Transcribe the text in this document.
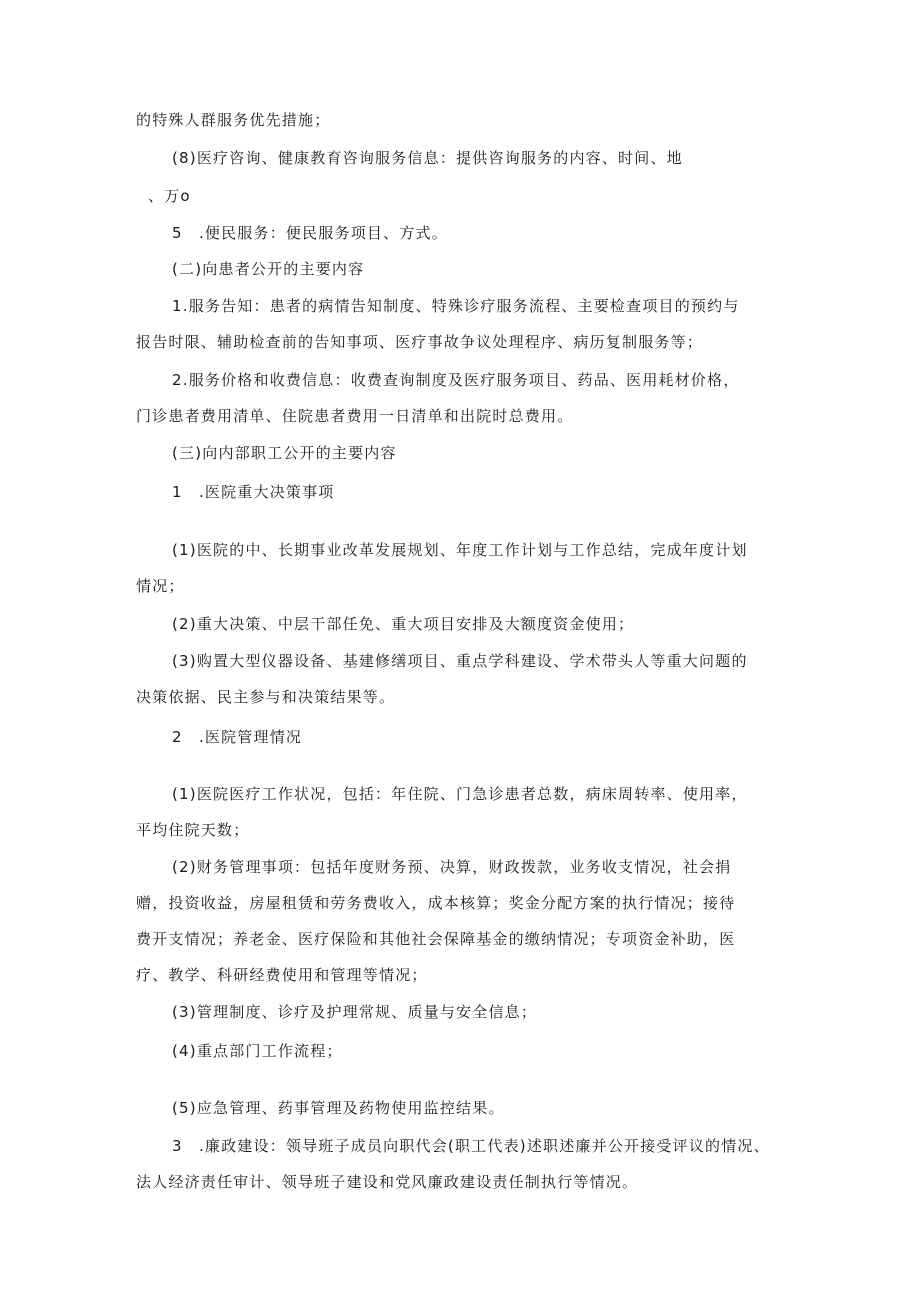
的特殊人群服务优先措施；
(8)医疗咨询、健康教育咨询服务信息：提供咨询服务的内容、时间、地
、万o
5　.便民服务：便民服务项目、方式。
(二)向患者公开的主要内容
1.服务告知：患者的病情告知制度、特殊诊疗服务流程、主要检查项目的预约与
报告时限、辅助检查前的告知事项、医疗事故争议处理程序、病历复制服务等；
2.服务价格和收费信息：收费查询制度及医疗服务项目、药品、医用耗材价格，
门诊患者费用清单、住院患者费用一日清单和出院时总费用。
(三)向内部职工公开的主要内容
1　.医院重大决策事项
(1)医院的中、长期事业改革发展规划、年度工作计划与工作总结，完成年度计划
情况；
(2)重大决策、中层干部任免、重大项目安排及大额度资金使用；
(3)购置大型仪器设备、基建修缮项目、重点学科建设、学术带头人等重大问题的
决策依据、民主参与和决策结果等。
2　.医院管理情况
(1)医院医疗工作状况，包括：年住院、门急诊患者总数，病床周转率、使用率，
平均住院天数；
(2)财务管理事项：包括年度财务预、决算，财政拨款，业务收支情况，社会捐
赠，投资收益，房屋租赁和劳务费收入，成本核算；奖金分配方案的执行情况；接待
费开支情况；养老金、医疗保险和其他社会保障基金的缴纳情况；专项资金补助，医
疗、教学、科研经费使用和管理等情况；
(3)管理制度、诊疗及护理常规、质量与安全信息；
(4)重点部门工作流程；
(5)应急管理、药事管理及药物使用监控结果。
3　.廉政建设：领导班子成员向职代会(职工代表)述职述廉并公开接受评议的情况、
法人经济责任审计、领导班子建设和党风廉政建设责任制执行等情况。
